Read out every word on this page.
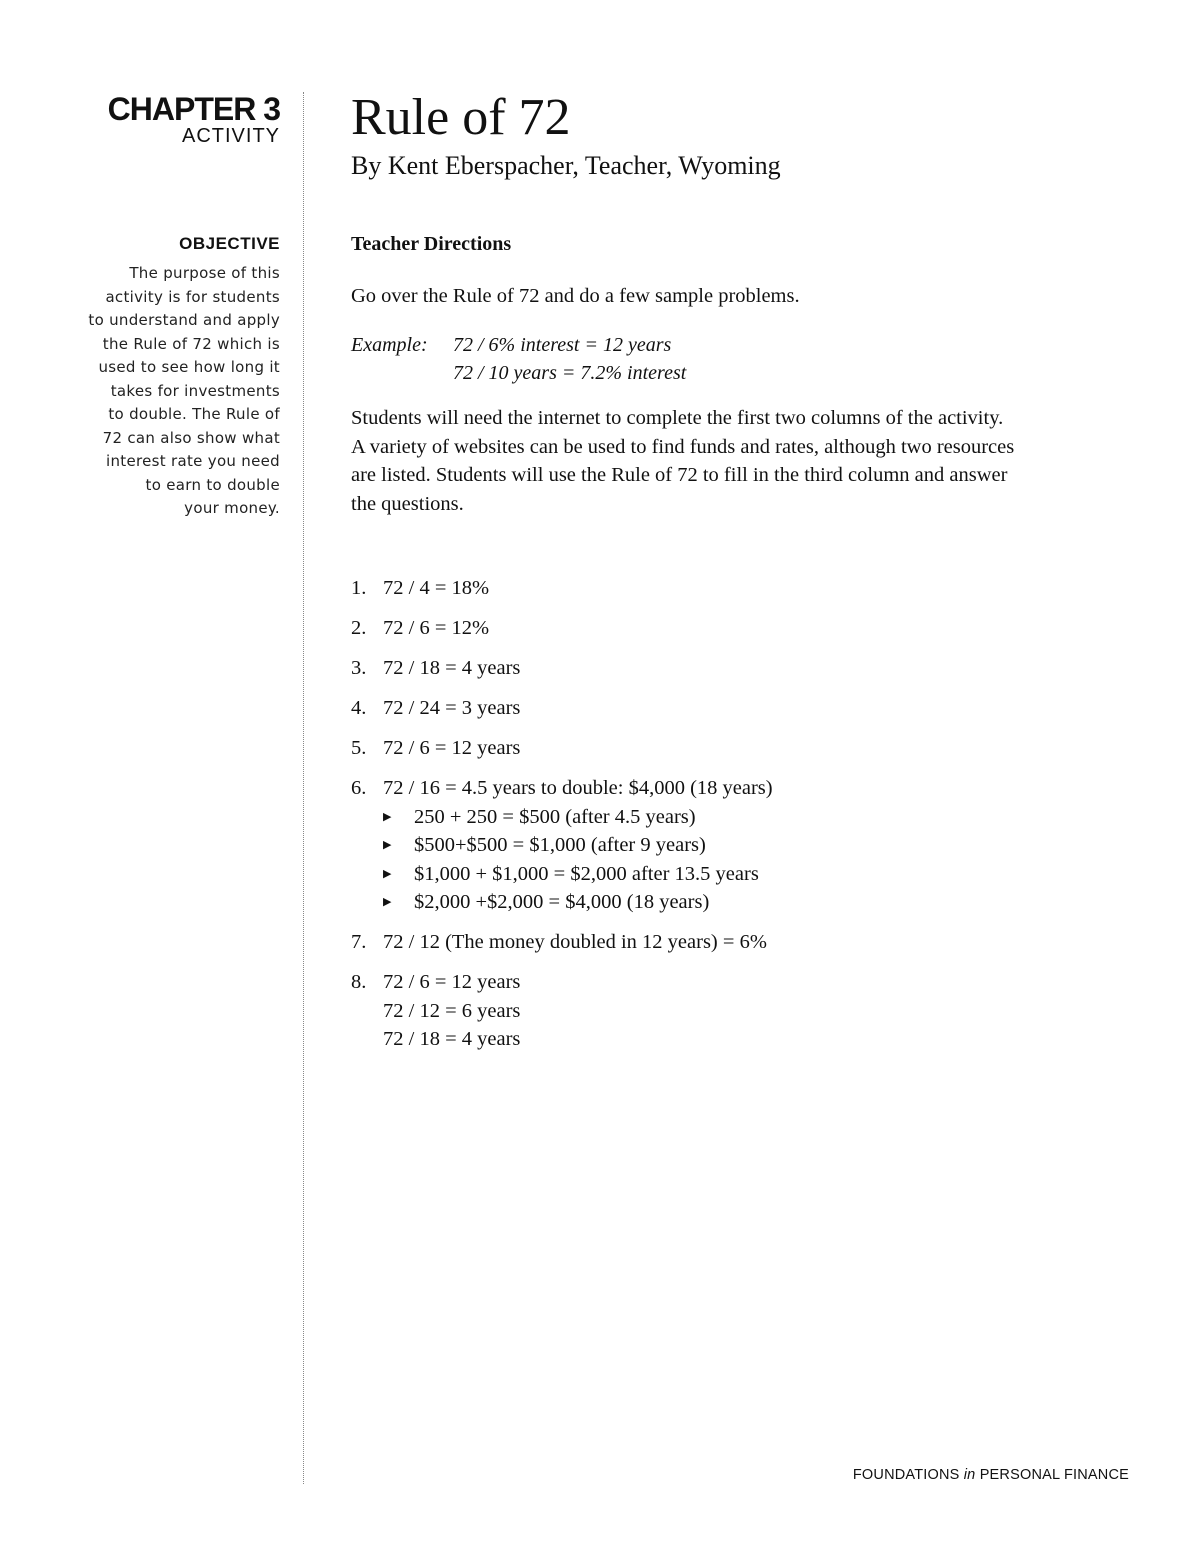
CHAPTER 3
ACTIVITY
OBJECTIVE
The purpose of this
activity is for students
to understand and apply
the Rule of 72 which is
used to see how long it
takes for investments
to double. The Rule of
72 can also show what
interest rate you need
to earn to double
your money.
Rule of 72
By Kent Eberspacher, Teacher, Wyoming
Teacher Directions
Go over the Rule of 72 and do a few sample problems.
Example: 72 / 6% interest = 12 years
72 / 10 years = 7.2% interest
Students will need the internet to complete the first two columns of the activity.
A variety of websites can be used to find funds and rates, although two resources
are listed. Students will use the Rule of 72 to fill in the third column and answer
the questions.
1. 72 / 4 = 18%
2. 72 / 6 = 12%
3. 72 / 18 = 4 years
4. 72 / 24 = 3 years
5. 72 / 6 = 12 years
6. 72 / 16 = 4.5 years to double: $4,000 (18 years)
▶ 250 + 250 = $500 (after 4.5 years)
▶ $500+$500 = $1,000 (after 9 years)
▶ $1,000 + $1,000 = $2,000 after 13.5 years
▶ $2,000 +$2,000 = $4,000 (18 years)
7. 72 / 12 (The money doubled in 12 years) = 6%
8. 72 / 6 = 12 years
72 / 12 = 6 years
72 / 18 = 4 years
FOUNDATIONS in PERSONAL FINANCE
